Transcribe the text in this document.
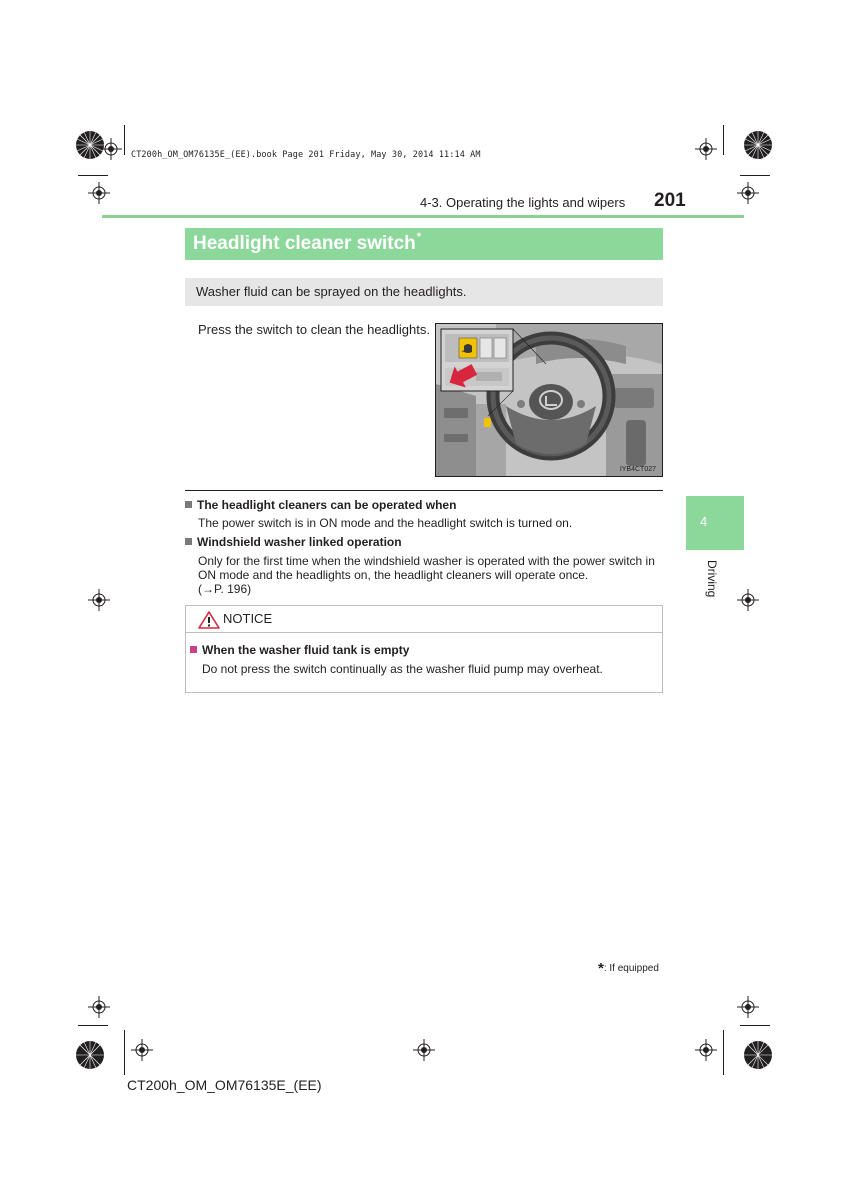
CT200h_OM_OM76135E_(EE).book Page 201 Friday, May 30, 2014 11:14 AM
4-3. Operating the lights and wipers 201
Headlight cleaner switch*
Washer fluid can be sprayed on the headlights.
Press the switch to clean the headlights.
IYB4CT027
The headlight cleaners can be operated when
The power switch is in ON mode and the headlight switch is turned on.
Windshield washer linked operation
Only for the first time when the windshield washer is operated with the power switch in
ON mode and the headlights on, the headlight cleaners will operate once.
(→P. 196)
4
Driving
NOTICE
When the washer fluid tank is empty
Do not press the switch continually as the washer fluid pump may overheat.
*: If equipped
CT200h_OM_OM76135E_(EE)
